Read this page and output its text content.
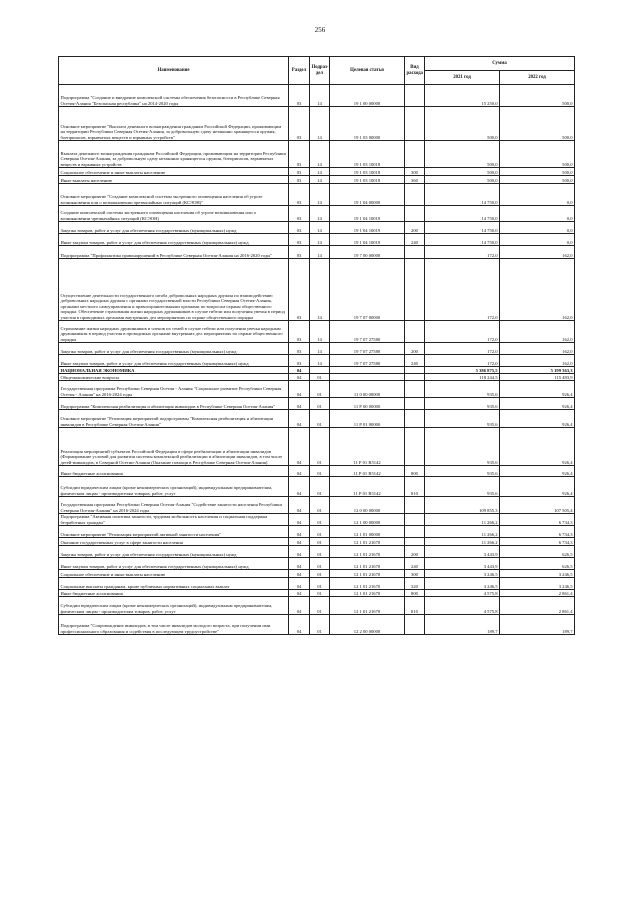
256
Наименование	Раздел	Подраз-дел	Целевая статья	Вид расхода	Сумма	
					2021 год	2022 год
Подпрограмма "Создание и внедрение комплексной системы обеспечения безопасности в Республике Северная Осетия-Алания "Безопасная республика" на 2014-2020 годы	03	14	19 1 00 00000		15 250,0	500,0
Основное мероприятие "Выплата денежного вознаграждения гражданам Российской Федерации, проживающим на территории Республики Северная Осетия-Алания, за добровольную сдачу незаконно хранящегося оружия, боеприпасов, взрывчатых веществ и взрывных устройств"	03	14	19 1 03 00000		500,0	500,0
Выплата денежного вознаграждения гражданам Российской Федерации, проживающим на территории Республики Северная Осетия-Алания, за добровольную сдачу незаконно хранящегося оружия, боеприпасов, взрывчатых веществ и взрывных устройств	03	14	19 1 03 10018		500,0	500,0
Социальное обеспечение и иные выплаты населению	03	14	19 1 03 10018	300	500,0	500,0
Иные выплаты населению	03	14	19 1 03 10018	360	500,0	500,0
Основное мероприятие "Создание комплексной системы экстренного оповещения населения об угрозе возникновения или о возникновении чрезвычайных ситуаций (КСЭОН)"	03	14	19 1 04 00000		14 750,0	0,0
Создание комплексной системы экстренного оповещения населения об угрозе возникновения или о возникновении чрезвычайных ситуаций (КСЭОН)	03	14	19 1 04 10019		14 750,0	0,0
Закупка товаров, работ и услуг для обеспечения государственных (муниципальных) нужд	03	14	19 1 04 10019	200	14 750,0	0,0
Иные закупки товаров, работ и услуг для обеспечения государственных (муниципальных) нужд	03	14	19 1 04 10019	240	14 750,0	0,0
Подпрограмма "Профилактика правонарушений в Республике Северная Осетия-Алания на 2016-2020 годы"	03	14	19 7 00 00000		172,0	162,0
Осуществление деятельности государственного штаба добровольных народных дружин по взаимодействию добровольных народных дружин с органами государственной власти Республики Северная Осетия-Алания, органами местного самоуправления и правоохранительными органами по вопросам охраны общественного порядка. Обеспечение страхования жизни народных дружинников в случае гибели или получения увечья в период участия в проводимых органами внутренних дел мероприятиях по охране общественного порядка	03	14	19 7 07 00000		172,0	162,0
Страхование жизни народных дружинников и членов их семей в случае гибели или получения увечья народным дружинником в период участия в проводимых органами внутренних дел мероприятиях по охране общественного порядка	03	14	19 7 07 27580		172,0	162,0
Закупка товаров, работ и услуг для обеспечения государственных (муниципальных) нужд	03	14	19 7 07 27580	200	172,0	162,0
Иные закупки товаров, работ и услуг для обеспечения государственных (муниципальных) нужд	03	14	19 7 07 27580	240	172,0	162,0
НАЦИОНАЛЬНАЯ ЭКОНОМИКА	04				5 386 875,5	5 199 363,3
Общеэкономические вопросы	04	01			118 244,5	115 483,9
Государственная программа Республики Северная Осетия - Алания "Социальное развитие Республики Северная Осетия - Алания" на 2016-2024 годы	04	01	11 0 00 00000		935,6	926,4
Подпрограмма "Комплексная реабилитация и абилитация инвалидов в Республике Северная Осетия-Алания"	04	01	11 Р 00 00000		935,6	926,4
Основное мероприятие "Реализация мероприятий подпрограммы "Комплексная реабилитация и абилитация инвалидов в Республике Северная Осетия-Алания"	04	01	11 Р 01 00000		935,6	926,4
Реализация мероприятий субъектов Российской Федерации в сфере реабилитации и абилитации инвалидов (Формирование условий для развития системы комплексной реабилитации и абилитации инвалидов, в том числе детей-инвалидов, в Северной Осетии-Алании (Оказание помощи в Республике Северная Осетия-Алания)	04	01	11 Р 01 R5142		935,6	926,4
Иные бюджетные ассигнования	04	01	11 Р 01 R5142	800	935,6	926,4
Субсидии юридическим лицам (кроме некоммерческих организаций), индивидуальным предпринимателям, физическим лицам - производителям товаров, работ, услуг	04	01	11 Р 01 R5142	810	935,6	926,4
Государственная программа Республики Северная Осетия-Алания "Содействие занятости населения Республики Северная Осетия-Алания" на 2016-2024 годы	04	01	12 0 00 00000		109 855,3	107 505,4
Подпрограмма "Активная политика занятости, трудовая мобильность населения и социальная поддержка безработных граждан"	04	01	12 1 00 00000		11 266,2	6 734,3
Основное мероприятие "Реализация мероприятий активной занятости населения"	04	01	12 1 01 00000		11 266,2	6 734,3
Оказание государственных услуг в сфере занятости населения	04	01	12 1 01 21670		11 266,2	6 734,3
Закупка товаров, работ и услуг для обеспечения государственных (муниципальных) нужд	04	01	12 1 01 21670	200	3 443,9	626,5
Иные закупки товаров, работ и услуг для обеспечения государственных (муниципальных) нужд	04	01	12 1 01 21670	240	3 443,9	626,5
Социальное обеспечение и иные выплаты населению	04	01	12 1 01 21670	300	3 246,5	3 246,5
Социальные выплаты гражданам, кроме публичных нормативных социальных выплат	04	01	12 1 01 21670	320	3 246,5	3 246,5
Иные бюджетные ассигнования	04	01	12 1 01 21670	800	4 575,8	2 861,4
Субсидии юридическим лицам (кроме некоммерческих организаций), индивидуальным предпринимателям, физическим лицам - производителям товаров, работ, услуг	04	01	12 1 01 21670	810	4 575,8	2 861,4
Подпрограмма "Сопровождение инвалидов, в том числе инвалидов молодого возраста, при получении ими профессионального образования и содействия в последующем трудоустройстве"	04	01	12 2 00 00000		189,7	189,7
